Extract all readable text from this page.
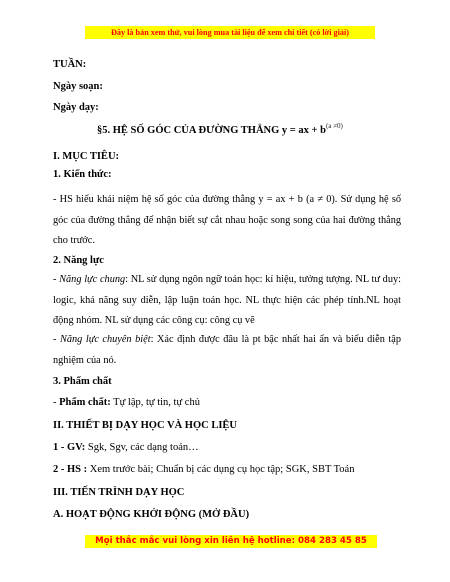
Đây là bản xem thử, vui lòng mua tài liệu để xem chi tiết (có lời giải)
TUẦN:
Ngày soạn:
Ngày dạy:
§5. HỆ SỐ GÓC CỦA ĐƯỜNG THẲNG y = ax + $b^{(a \ne 0)}$
I. MỤC TIÊU:
1. Kiến thức:
- HS hiểu khái niệm hệ số góc của đường thẳng y = ax + b (a ≠ 0). Sử dụng hệ số góc của đường thẳng để nhận biết sự cắt nhau hoặc song song của hai đường thẳng cho trước.
2. Năng lực
- Năng lực chung: NL sử dụng ngôn ngữ toán học: kí hiệu, tưởng tượng. NL tư duy: logic, khả năng suy diễn, lập luận toán học. NL thực hiện các phép tính.NL hoạt động nhóm. NL sử dụng các công cụ: công cụ vẽ
- Năng lực chuyên biệt: Xác định được đâu là pt bậc nhất hai ẩn và biểu diễn tập nghiệm của nó.
3. Phẩm chất
- Phẩm chất: Tự lập, tự tin, tự chủ
II. THIẾT BỊ DẠY HỌC VÀ HỌC LIỆU
1 - GV: Sgk, Sgv, các dạng toán…
2 - HS : Xem trước bài; Chuẩn bị các dụng cụ học tập; SGK, SBT Toán
III. TIẾN TRÌNH DẠY HỌC
A. HOẠT ĐỘNG KHỞI ĐỘNG (MỞ ĐẦU)
Mọi thắc mắc vui lòng xin liên hệ hotline: 084 283 45 85
